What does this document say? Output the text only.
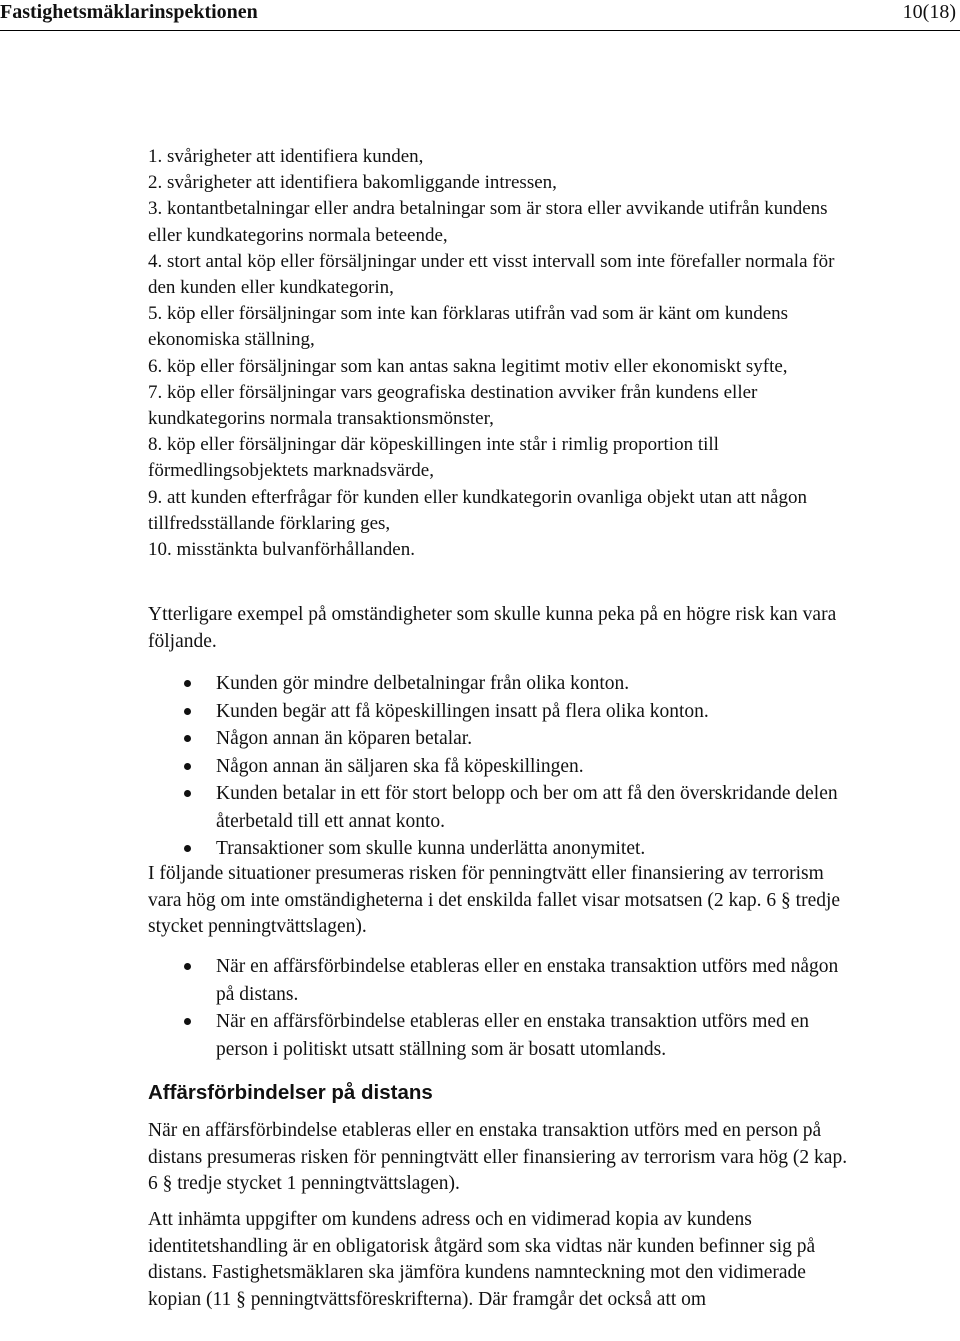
Fastighetsmäklarinspektionen	10(18)

1. svårigheter att identifiera kunden,

2. svårigheter att identifiera bakomliggande intressen,

3. kontantbetalningar eller andra betalningar som är stora eller avvikande utifrån kundens eller kundkategorins normala beteende,

4. stort antal köp eller försäljningar under ett visst intervall som inte förefaller normala för den kunden eller kundkategorin,

5. köp eller försäljningar som inte kan förklaras utifrån vad som är känt om kundens ekonomiska ställning,

6. köp eller försäljningar som kan antas sakna legitimt motiv eller ekonomiskt syfte,

7. köp eller försäljningar vars geografiska destination avviker från kundens eller kundkategorins normala transaktionsmönster,

8. köp eller försäljningar där köpeskillingen inte står i rimlig proportion till förmedlingsobjektets marknadsvärde,

9. att kunden efterfrågar för kunden eller kundkategorin ovanliga objekt utan att någon tillfredsställande förklaring ges,

10. misstänkta bulvanförhållanden.

Ytterligare exempel på omständigheter som skulle kunna peka på en högre risk kan vara följande.

Kunden gör mindre delbetalningar från olika konton.
Kunden begär att få köpeskillingen insatt på flera olika konton.
Någon annan än köparen betalar.
Någon annan än säljaren ska få köpeskillingen.
Kunden betalar in ett för stort belopp och ber om att få den överskridande delen återbetald till ett annat konto.
Transaktioner som skulle kunna underlätta anonymitet.

I följande situationer presumeras risken för penningtvätt eller finansiering av terrorism vara hög om inte omständigheterna i det enskilda fallet visar motsatsen (2 kap. 6 § tredje stycket penningtvättslagen).

När en affärsförbindelse etableras eller en enstaka transaktion utförs med någon på distans.
När en affärsförbindelse etableras eller en enstaka transaktion utförs med en person i politiskt utsatt ställning som är bosatt utomlands.
Affärsförbindelser på distans

När en affärsförbindelse etableras eller en enstaka transaktion utförs med en person på distans presumeras risken för penningtvätt eller finansiering av terrorism vara hög (2 kap. 6 § tredje stycket 1 penningtvättslagen).

Att inhämta uppgifter om kundens adress och en vidimerad kopia av kundens identitetshandling är en obligatorisk åtgärd som ska vidtas när kunden befinner sig på distans. Fastighetsmäklaren ska jämföra kundens namnteckning mot den vidimerade kopian (11 § penningtvättsföreskrifterna). Där framgår det också att om
